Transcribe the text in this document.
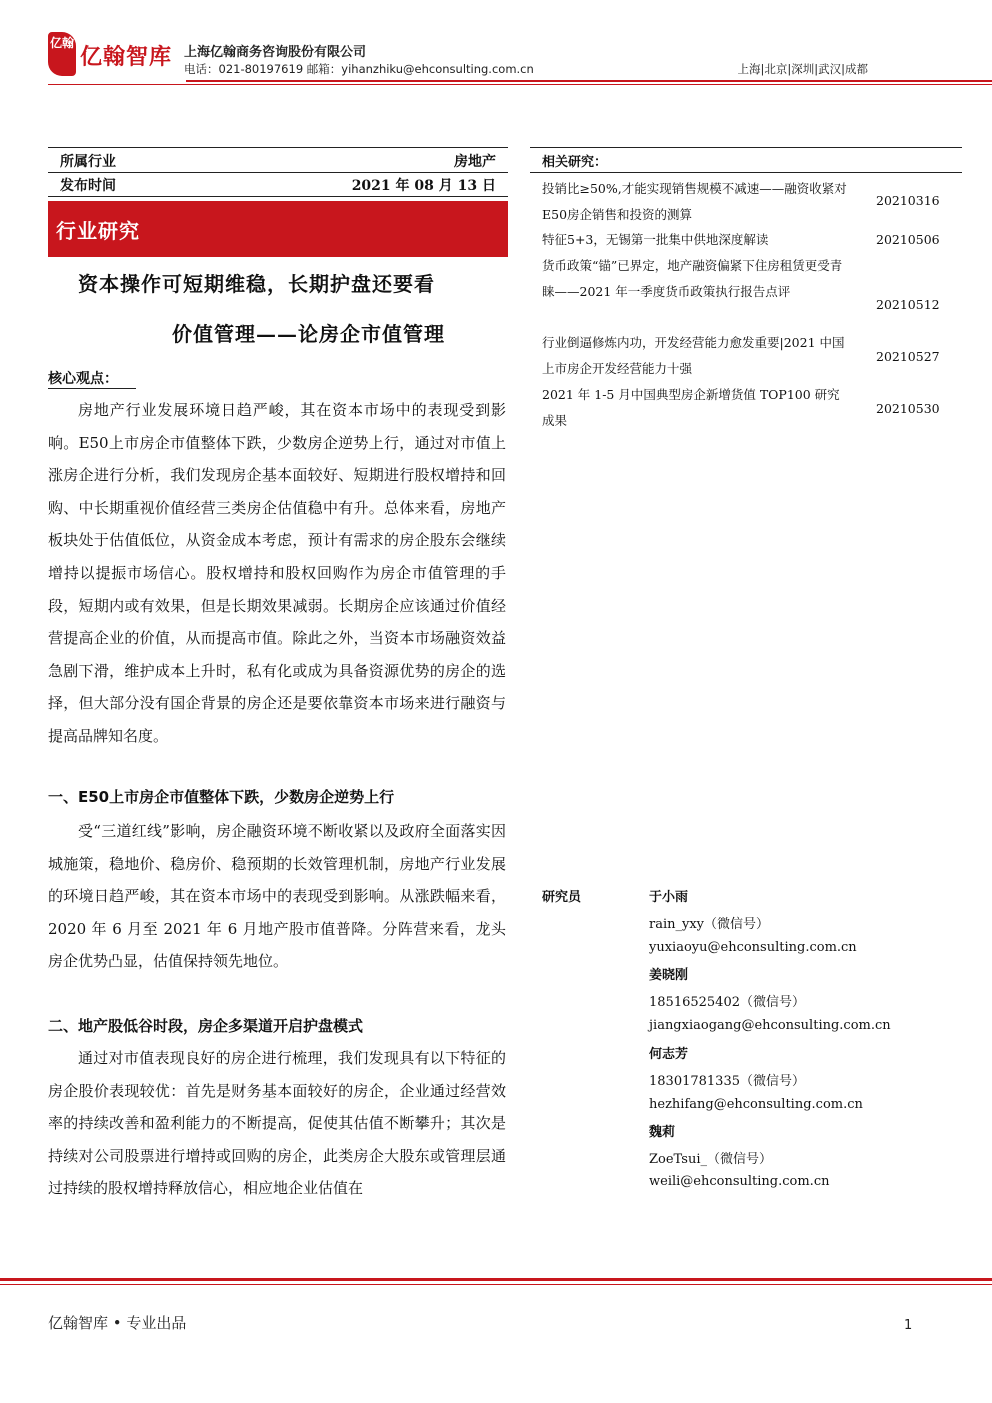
亿翰
亿翰智库 上海亿翰商务咨询股份有限公司
电话：021-80197619 邮箱：yihanzhiku@ehconsulting.com.cn	上海|北京|深圳|武汉|成都
所属行业	房地产
发布时间	2021 年 08 月 13 日
行业研究
资本操作可短期维稳，长期护盘还要看
价值管理——论房企市值管理
核心观点：
房地产行业发展环境日趋严峻，其在资本市场中的表现受到影响。E50上市房企市值整体下跌，少数房企逆势上行，通过对市值上涨房企进行分析，我们发现房企基本面较好、短期进行股权增持和回购、中长期重视价值经营三类房企估值稳中有升。总体来看，房地产板块处于估值低位，从资金成本考虑，预计有需求的房企股东会继续增持以提振市场信心。股权增持和股权回购作为房企市值管理的手段，短期内或有效果，但是长期效果减弱。长期房企应该通过价值经营提高企业的价值，从而提高市值。除此之外，当资本市场融资效益急剧下滑，维护成本上升时，私有化或成为具备资源优势的房企的选择，但大部分没有国企背景的房企还是要依靠资本市场来进行融资与提高品牌知名度。
一、E50上市房企市值整体下跌，少数房企逆势上行
受“三道红线”影响，房企融资环境不断收紧以及政府全面落实因城施策，稳地价、稳房价、稳预期的长效管理机制，房地产行业发展的环境日趋严峻，其在资本市场中的表现受到影响。从涨跌幅来看，2020 年 6 月至 2021 年 6 月地产股市值普降。分阵营来看，龙头房企优势凸显，估值保持领先地位。
二、地产股低谷时段，房企多渠道开启护盘模式
通过对市值表现良好的房企进行梳理，我们发现具有以下特征的房企股价表现较优：首先是财务基本面较好的房企，企业通过经营效率的持续改善和盈利能力的不断提高，促使其估值不断攀升；其次是持续对公司股票进行增持或回购的房企，此类房企大股东或管理层通过持续的股权增持释放信心，相应地企业估值在
相关研究：
投销比≥50%,才能实现销售规模不减速——融资收紧对E50房企销售和投资的测算
20210316
特征5+3，无锡第一批集中供地深度解读	20210506
货币政策“锚”已界定，地产融资偏紧下住房租赁更受青睐——2021 年一季度货币政策执行报告点评
20210512
行业倒逼修炼内功，开发经营能力愈发重要|2021 中国上市房企开发经营能力十强
20210527
2021 年 1-5 月中国典型房企新增货值 TOP100 研究成果
20210530
研究员	于小雨
rain_yxy（微信号）
yuxiaoyu@ehconsulting.com.cn
姜晓刚
18516525402（微信号）
jiangxiaogang@ehconsulting.com.cn
何志芳
18301781335（微信号）
hezhifang@ehconsulting.com.cn
魏莉
ZoeTsui_（微信号）
weili@ehconsulting.com.cn
亿翰智库 • 专业出品	1
